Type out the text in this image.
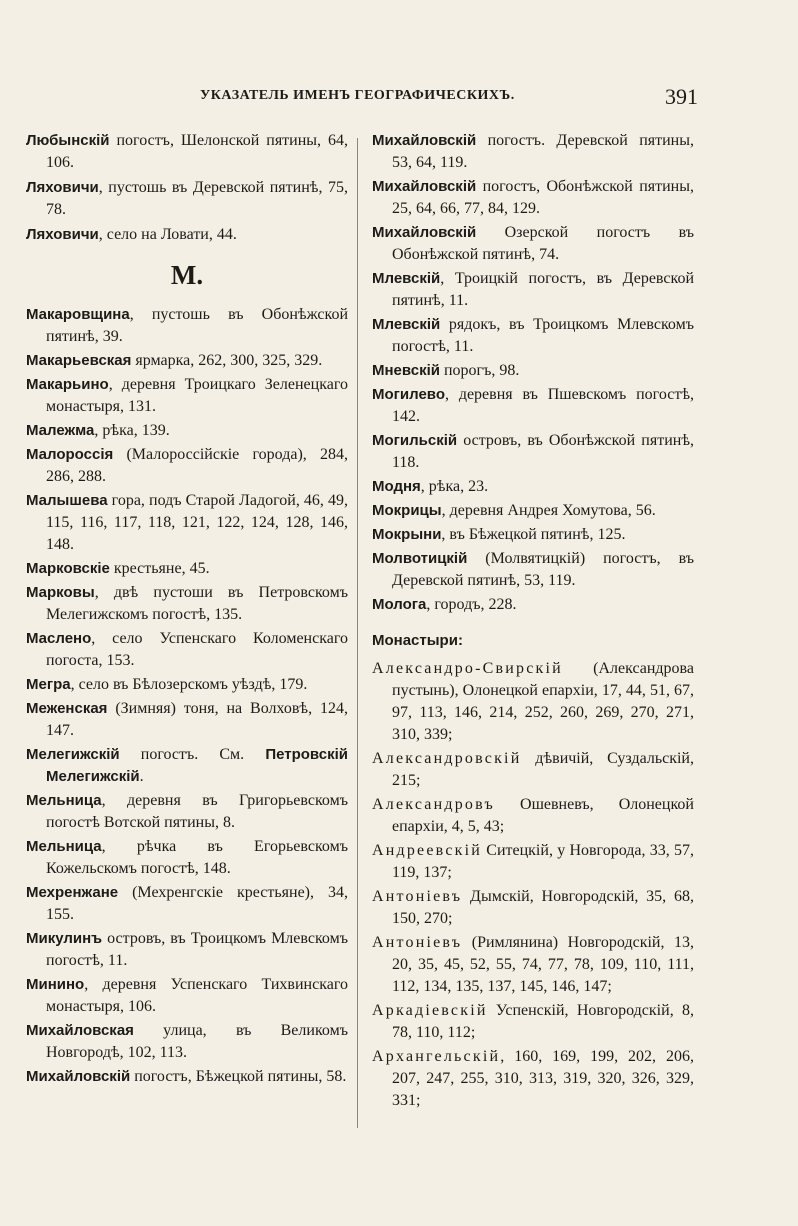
УКАЗАТЕЛЬ ИМЕНЪ ГЕОГРАФИЧЕСКИХЪ.	391

Любынскій погостъ, Шелонской пятины, 64, 106.

Ляховичи, пустошь въ Деревской пятинѣ, 75, 78.

Ляховичи, село на Ловати, 44.

М.

Макаровщина, пустошь въ Обонѣжской пятинѣ, 39.

Макарьевская ярмарка, 262, 300, 325, 329.

Макарьино, деревня Троицкаго Зеленецкаго монастыря, 131.

Малежма, рѣка, 139.

Малороссія (Малороссійскіе города), 284, 286, 288.

Малышева гора, подъ Старой Ладогой, 46, 49, 115, 116, 117, 118, 121, 122, 124, 128, 146, 148.

Марковскіе крестьяне, 45.

Марковы, двѣ пустоши въ Петровскомъ Мелегижскомъ погостѣ, 135.

Маслено, село Успенскаго Коломенскаго погоста, 153.

Мегра, село въ Бѣлозерскомъ уѣздѣ, 179.

Меженская (Зимняя) тоня, на Волховѣ, 124, 147.

Мелегижскій погостъ. См. Петровскій Мелегижскій.

Мельница, деревня въ Григорьевскомъ погостѣ Вотской пятины, 8.

Мельница, рѣчка въ Егорьевскомъ Кожельскомъ погостѣ, 148.

Мехренжане (Мехренгскіе крестьяне), 34, 155.

Микулинъ островъ, въ Троицкомъ Млевскомъ погостѣ, 11.

Минино, деревня Успенскаго Тихвинскаго монастыря, 106.

Михайловская улица, въ Великомъ Новгородѣ, 102, 113.

Михайловскій погостъ, Бѣжецкой пятины, 58.

Михайловскій погостъ. Деревской пятины, 53, 64, 119.

Михайловскій погостъ, Обонѣжской пятины, 25, 64, 66, 77, 84, 129.

Михайловскій Озерской погостъ въ Обонѣжской пятинѣ, 74.

Млевскій, Троицкій погостъ, въ Деревской пятинѣ, 11.

Млевскій рядокъ, въ Троицкомъ Млевскомъ погостѣ, 11.

Мневскій порогъ, 98.

Могилево, деревня въ Пшевскомъ погостѣ, 142.

Могильскій островъ, въ Обонѣжской пятинѣ, 118.

Модня, рѣка, 23.

Мокрицы, деревня Андрея Хомутова, 56.

Мокрыни, въ Бѣжецкой пятинѣ, 125.

Молвотицкій (Молвятицкій) погостъ, въ Деревской пятинѣ, 53, 119.

Молога, городъ, 228.

Монастыри:

Александро-Свирскій (Александрова пустынь), Олонецкой епархіи, 17, 44, 51, 67, 97, 113, 146, 214, 252, 260, 269, 270, 271, 310, 339;

Александровскій дѣвичій, Суздальскій, 215;

Александровъ Ошевневъ, Олонецкой епархіи, 4, 5, 43;

Андреевскій Ситецкій, у Новгорода, 33, 57, 119, 137;

Антоніевъ Дымскій, Новгородскій, 35, 68, 150, 270;

Антоніевъ (Римлянина) Новгородскій, 13, 20, 35, 45, 52, 55, 74, 77, 78, 109, 110, 111, 112, 134, 135, 137, 145, 146, 147;

Аркадіевскій Успенскій, Новгородскій, 8, 78, 110, 112;

Архангельскій, 160, 169, 199, 202, 206, 207, 247, 255, 310, 313, 319, 320, 326, 329, 331;
